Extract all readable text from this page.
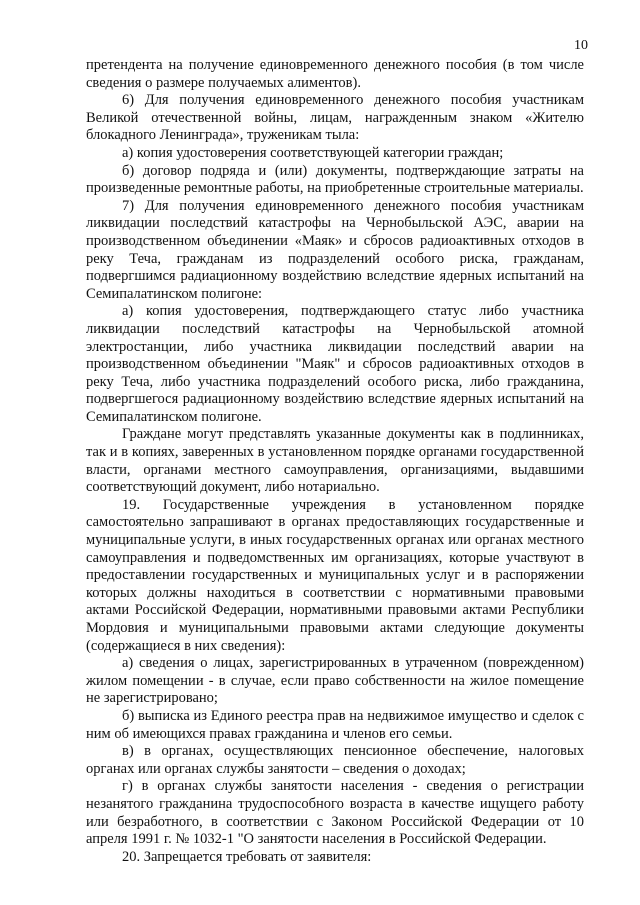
10

претендента на получение единовременного денежного пособия (в том числе сведения о размере получаемых алиментов).

6) Для получения единовременного денежного пособия участникам Великой отечественной войны, лицам, награжденным знаком «Жителю блокадного Ленинграда», труженикам тыла:

а) копия удостоверения соответствующей категории граждан;

б) договор подряда и (или) документы, подтверждающие затраты на произведенные ремонтные работы, на приобретенные строительные материалы.

7) Для получения единовременного денежного пособия участникам ликвидации последствий катастрофы на Чернобыльской АЭС, аварии на производственном объединении «Маяк» и сбросов радиоактивных отходов в реку Теча, гражданам из подразделений особого риска, гражданам, подвергшимся радиационному воздействию вследствие ядерных испытаний на Семипалатинском полигоне:

а) копия удостоверения, подтверждающего статус либо участника ликвидации последствий катастрофы на Чернобыльской атомной электростанции, либо участника ликвидации последствий аварии на производственном объединении "Маяк" и сбросов радиоактивных отходов в реку Теча, либо участника подразделений особого риска, либо гражданина, подвергшегося радиационному воздействию вследствие ядерных испытаний на Семипалатинском полигоне.

Граждане могут представлять указанные документы как в подлинниках, так и в копиях, заверенных в установленном порядке органами государственной власти, органами местного самоуправления, организациями, выдавшими соответствующий документ, либо нотариально.

19. Государственные учреждения в установленном порядке самостоятельно запрашивают в органах предоставляющих государственные и муниципальные услуги, в иных государственных органах или органах местного самоуправления и подведомственных им организациях, которые участвуют в предоставлении государственных и муниципальных услуг и в распоряжении которых должны находиться в соответствии с нормативными правовыми актами Российской Федерации, нормативными правовыми актами Республики Мордовия и муниципальными правовыми актами следующие документы (содержащиеся в них сведения):

а) сведения о лицах, зарегистрированных в утраченном (поврежденном) жилом помещении - в случае, если право собственности на жилое помещение не зарегистрировано;

б) выписка из Единого реестра прав на недвижимое имущество и сделок с ним об имеющихся правах гражданина и членов его семьи.

в) в органах, осуществляющих пенсионное обеспечение, налоговых органах или органах службы занятости – сведения о доходах;

г) в органах службы занятости населения - сведения о регистрации незанятого гражданина трудоспособного возраста в качестве ищущего работу или безработного, в соответствии с Законом Российской Федерации от 10 апреля 1991 г. № 1032-1 "О занятости населения в Российской Федерации.

20. Запрещается требовать от заявителя:
